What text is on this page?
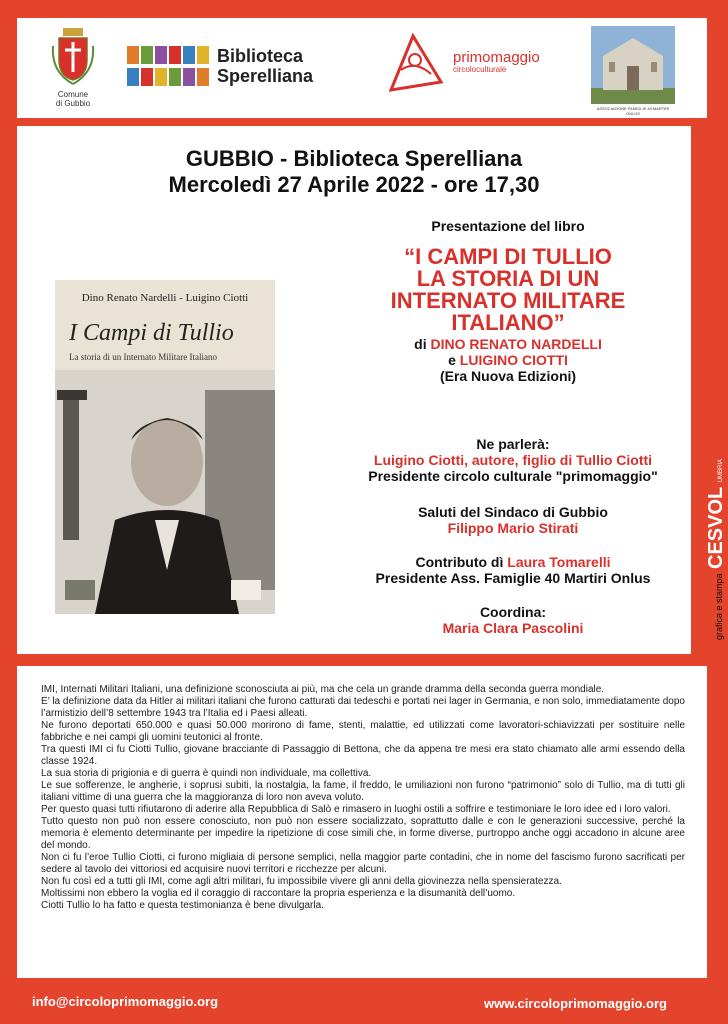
Comune
di Gubbio
Biblioteca
Sperelliana
primomaggio
circoloculturale
ASSOCIAZIONE FAMIGLIE 40 MARTIRI ONLUS
GUBBIO - Biblioteca Sperelliana
Mercoledì 27 Aprile 2022 - ore 17,30
Presentazione del libro
“I CAMPI DI TULLIO
LA STORIA DI UN
INTERNATO MILITARE
ITALIANO”
di DINO RENATO NARDELLI
e LUIGINO CIOTTI
(Era Nuova Edizioni)
Dino Renato Nardelli - Luigino Ciotti
I Campi di Tullio
La storia di un Internato Militare Italiano
Ne parlerà:
Luigino Ciotti, autore, figlio di Tullio Ciotti
Presidente circolo culturale "primomaggio"
Saluti del Sindaco di Gubbio
Filippo Mario Stirati
Contributo dì Laura Tomarelli
Presidente Ass. Famiglie 40 Martiri Onlus
Coordina:
Maria Clara Pascolini	grafica e stampa CESVOL UMBRIA
IMI, Internati Militari Italiani, una definizione sconosciuta ai più, ma che cela un grande dramma della seconda guerra mondiale.
E’ la definizione data da Hitler ai militari italiani che furono catturati dai tedeschi e portati nei lager in Germania, e non solo, immediatamente dopo l’armistizio dell’8 settembre 1943 tra l’Italia ed i Paesi alleati.
Ne furono deportati 650.000 e quasi 50.000 morirono di fame, stenti, malattie, ed utilizzati come lavoratori-schiavizzati per sostituire nelle fabbriche e nei campi gli uomini teutonici al fronte.
Tra questi IMI ci fu Ciotti Tullio, giovane bracciante di Passaggio di Bettona, che da appena tre mesi era stato chiamato alle armi essendo della classe 1924.
La sua storia di prigionia e di guerra è quindi non individuale, ma collettiva.
Le sue sofferenze, le angherie, i soprusi subiti, la nostalgia, la fame, il freddo, le umiliazioni non furono “patrimonio” solo di Tullio, ma di tutti gli italiani vittime di una guerra che la maggioranza di loro non aveva voluto.
Per questo quasi tutti rifiutarono di aderire alla Repubblica di Salò e rimasero in luoghi ostili a soffrire e testimoniare le loro idee ed i loro valori.
Tutto questo non può non essere conosciuto, non può non essere socializzato, soprattutto dalle e con le generazioni successive, perché la memoria è elemento determinante per impedire la ripetizione di cose simili che, in forme diverse, purtroppo anche oggi accadono in alcune aree del mondo.
Non ci fu l’eroe Tullio Ciotti, ci furono migliaia di persone semplici, nella maggior parte contadini, che in nome del fascismo furono sacrificati per sedere al tavolo dei vittoriosi ed acquisire nuovi territori e ricchezze per alcuni.
Non fu così ed a tutti gli IMI, come agli altri militari, fu impossibile vivere gli anni della giovinezza nella spensieratezza.
Moltissimi non ebbero la voglia ed il coraggio di raccontare la propria esperienza e la disumanità dell’uomo.
Ciotti Tullio lo ha fatto e questa testimonianza è bene divulgarla.
info@circoloprimomaggio.org	www.circoloprimomaggio.org
